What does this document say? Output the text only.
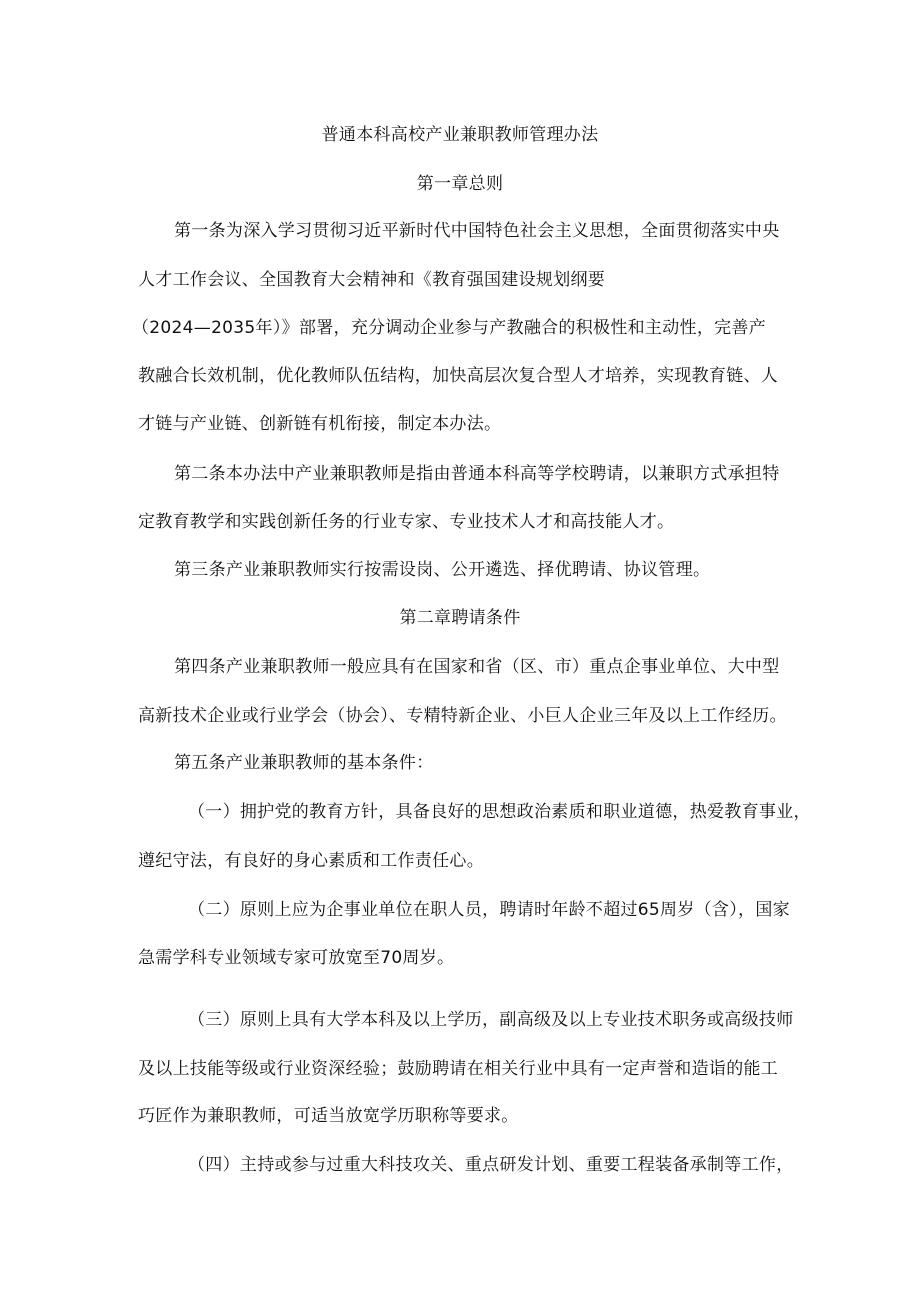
普通本科高校产业兼职教师管理办法
第一章总则
第一条为深入学习贯彻习近平新时代中国特色社会主义思想，全面贯彻落实中央
人才工作会议、全国教育大会精神和《教育强国建设规划纲要
（2024—2035年）》部署，充分调动企业参与产教融合的积极性和主动性，完善产
教融合长效机制，优化教师队伍结构，加快高层次复合型人才培养，实现教育链、人
才链与产业链、创新链有机衔接，制定本办法。
第二条本办法中产业兼职教师是指由普通本科高等学校聘请，以兼职方式承担特
定教育教学和实践创新任务的行业专家、专业技术人才和高技能人才。
第三条产业兼职教师实行按需设岗、公开遴选、择优聘请、协议管理。
第二章聘请条件
第四条产业兼职教师一般应具有在国家和省（区、市）重点企事业单位、大中型
高新技术企业或行业学会（协会）、专精特新企业、小巨人企业三年及以上工作经历。
第五条产业兼职教师的基本条件：
（一）拥护党的教育方针，具备良好的思想政治素质和职业道德，热爱教育事业，
遵纪守法，有良好的身心素质和工作责任心。
（二）原则上应为企事业单位在职人员，聘请时年龄不超过65周岁（含），国家
急需学科专业领域专家可放宽至70周岁。
（三）原则上具有大学本科及以上学历，副高级及以上专业技术职务或高级技师
及以上技能等级或行业资深经验；鼓励聘请在相关行业中具有一定声誉和造诣的能工
巧匠作为兼职教师，可适当放宽学历职称等要求。
（四）主持或参与过重大科技攻关、重点研发计划、重要工程装备承制等工作，
